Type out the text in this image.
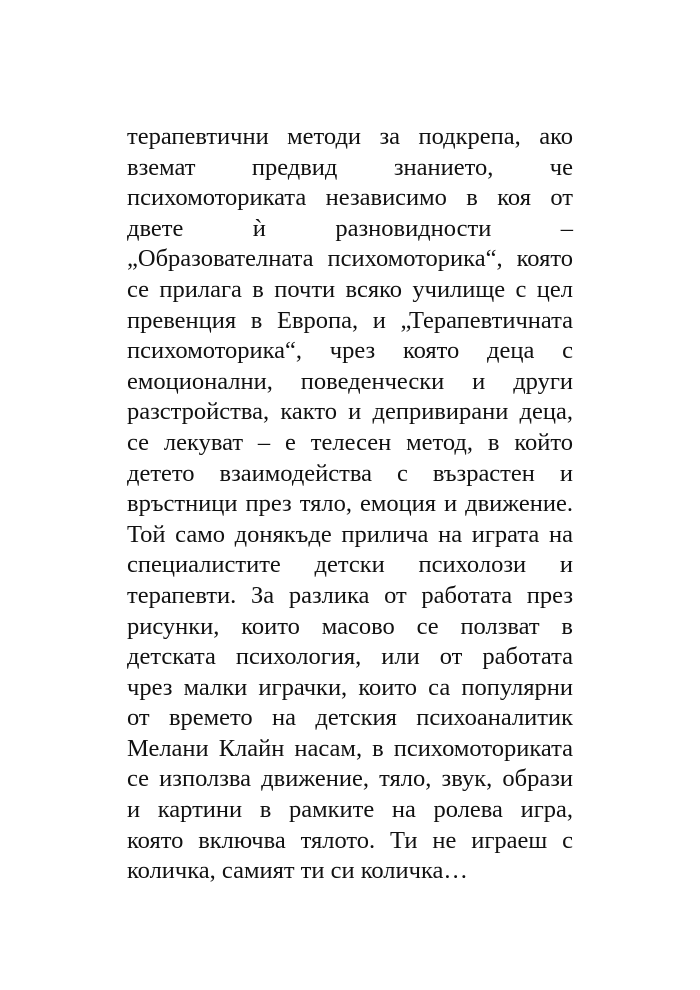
терапевтични методи за подкрепа, ако
вземат предвид знанието, че
психомоториката независимо в коя от
двете ѝ разновидности –
„Образователната психомоторика“, която
се прилага в почти всяко училище с цел
превенция в Европа, и „Терапевтичната
психомоторика“, чрез която деца с
емоционални, поведенчески и други
разстройства, както и депривирани деца,
се лекуват – е телесен метод, в който
детето взаимодейства с възрастен и
връстници през тяло, емоция и движение.
Той само донякъде прилича на играта на
специалистите детски психолози и
терапевти. За разлика от работата през
рисунки, които масово се ползват в
детската психология, или от работата
чрез малки играчки, които са популярни
от времето на детския психоаналитик
Мелани Клайн насам, в психомоториката
се използва движение, тяло, звук, образи
и картини в рамките на ролева игра,
която включва тялото. Ти не играеш с
количка, самият ти си количка…
